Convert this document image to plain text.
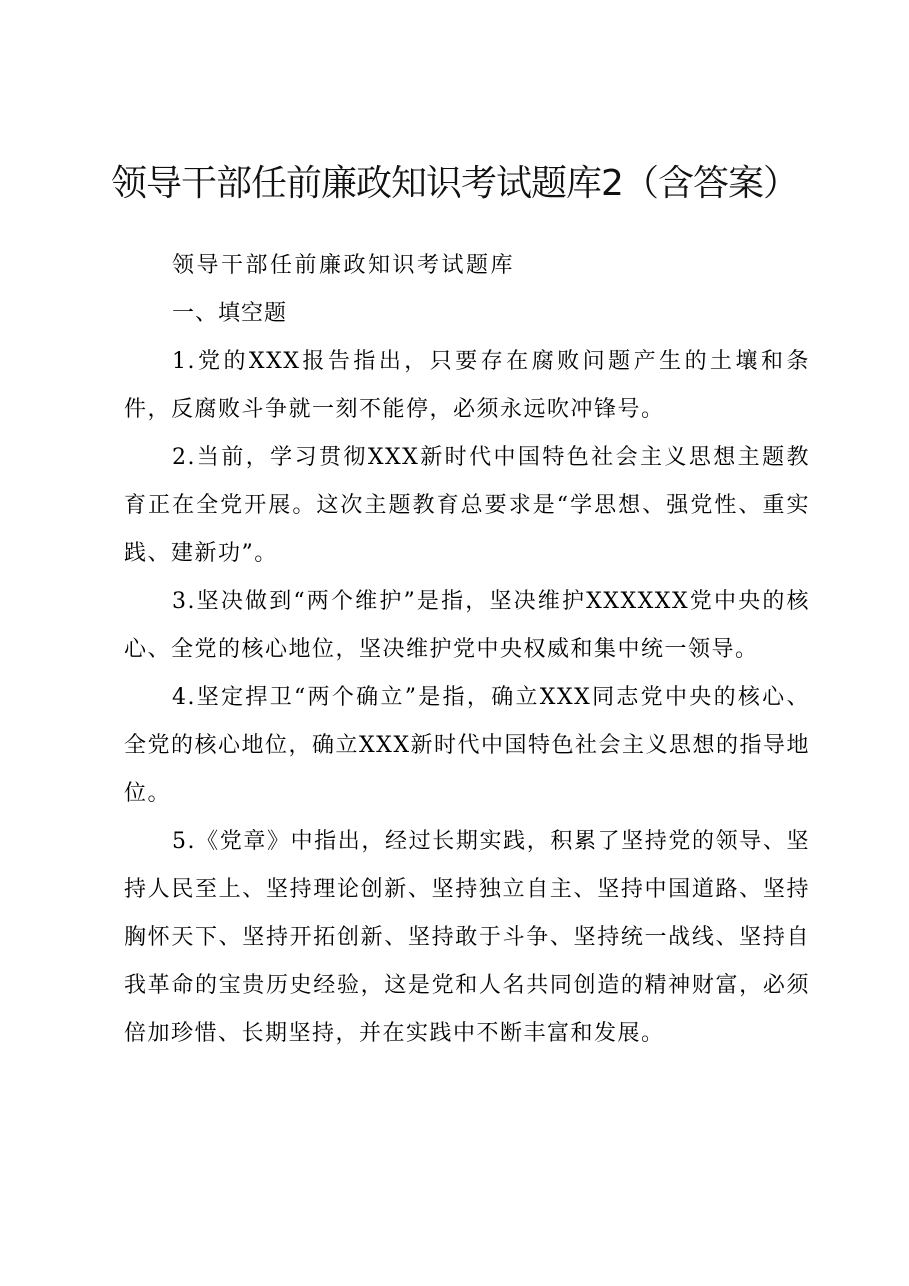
领导干部任前廉政知识考试题库2（含答案）

领导干部任前廉政知识考试题库

一、填空题

1.党的XXX报告指出，只要存在腐败问题产生的土壤和条件，反腐败斗争就一刻不能停，必须永远吹冲锋号。

2.当前，学习贯彻XXX新时代中国特色社会主义思想主题教育正在全党开展。这次主题教育总要求是“学思想、强党性、重实践、建新功”。

3.坚决做到“两个维护”是指，坚决维护XXXXXX党中央的核心、全党的核心地位，坚决维护党中央权威和集中统一领导。

4.坚定捍卫“两个确立”是指，确立XXX同志党中央的核心、全党的核心地位，确立XXX新时代中国特色社会主义思想的指导地位。

5.《党章》中指出，经过长期实践，积累了坚持党的领导、坚持人民至上、坚持理论创新、坚持独立自主、坚持中国道路、坚持胸怀天下、坚持开拓创新、坚持敢于斗争、坚持统一战线、坚持自我革命的宝贵历史经验，这是党和人名共同创造的精神财富，必须倍加珍惜、长期坚持，并在实践中不断丰富和发展。
